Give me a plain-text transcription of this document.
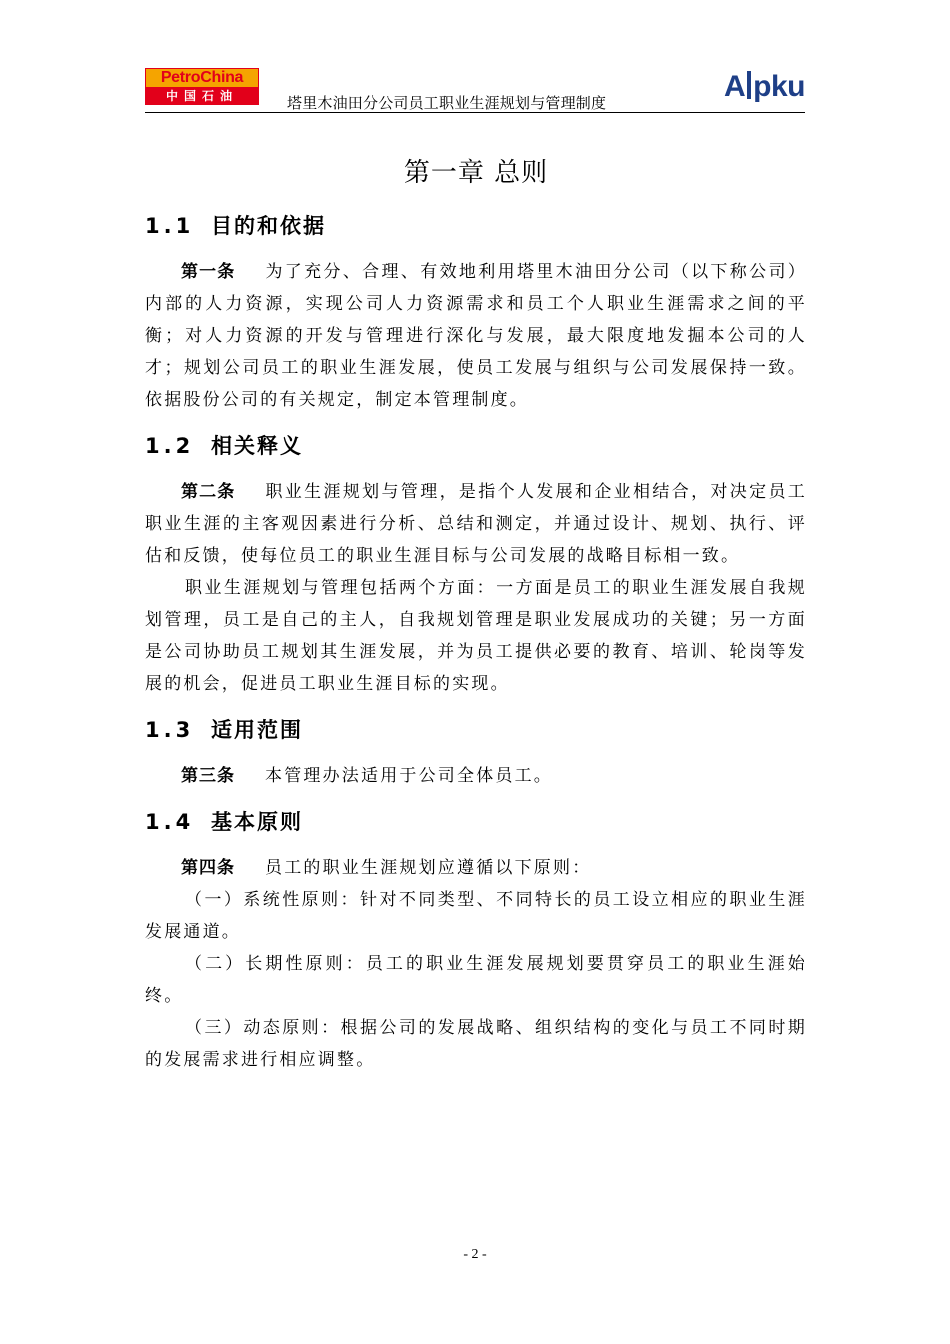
PetroChina
中国石油	塔里木油田分公司员工职业生涯规划与管理制度	A pku
第一章 总则
1.1 目的和依据

第一条 为了充分、合理、有效地利用塔里木油田分公司（以下称公司）内部的人力资源，实现公司人力资源需求和员工个人职业生涯需求之间的平衡；对人力资源的开发与管理进行深化与发展，最大限度地发掘本公司的人才；规划公司员工的职业生涯发展，使员工发展与组织与公司发展保持一致。依据股份公司的有关规定，制定本管理制度。

1.2 相关释义

第二条 职业生涯规划与管理，是指个人发展和企业相结合，对决定员工职业生涯的主客观因素进行分析、总结和测定，并通过设计、规划、执行、评估和反馈，使每位员工的职业生涯目标与公司发展的战略目标相一致。

职业生涯规划与管理包括两个方面：一方面是员工的职业生涯发展自我规划管理，员工是自己的主人，自我规划管理是职业发展成功的关键；另一方面是公司协助员工规划其生涯发展，并为员工提供必要的教育、培训、轮岗等发展的机会，促进员工职业生涯目标的实现。

1.3 适用范围

第三条 本管理办法适用于公司全体员工。

1.4 基本原则

第四条 员工的职业生涯规划应遵循以下原则：

（一）系统性原则：针对不同类型、不同特长的员工设立相应的职业生涯发展通道。

（二）长期性原则：员工的职业生涯发展规划要贯穿员工的职业生涯始终。

（三）动态原则：根据公司的发展战略、组织结构的变化与员工不同时期的发展需求进行相应调整。

- 2 -
